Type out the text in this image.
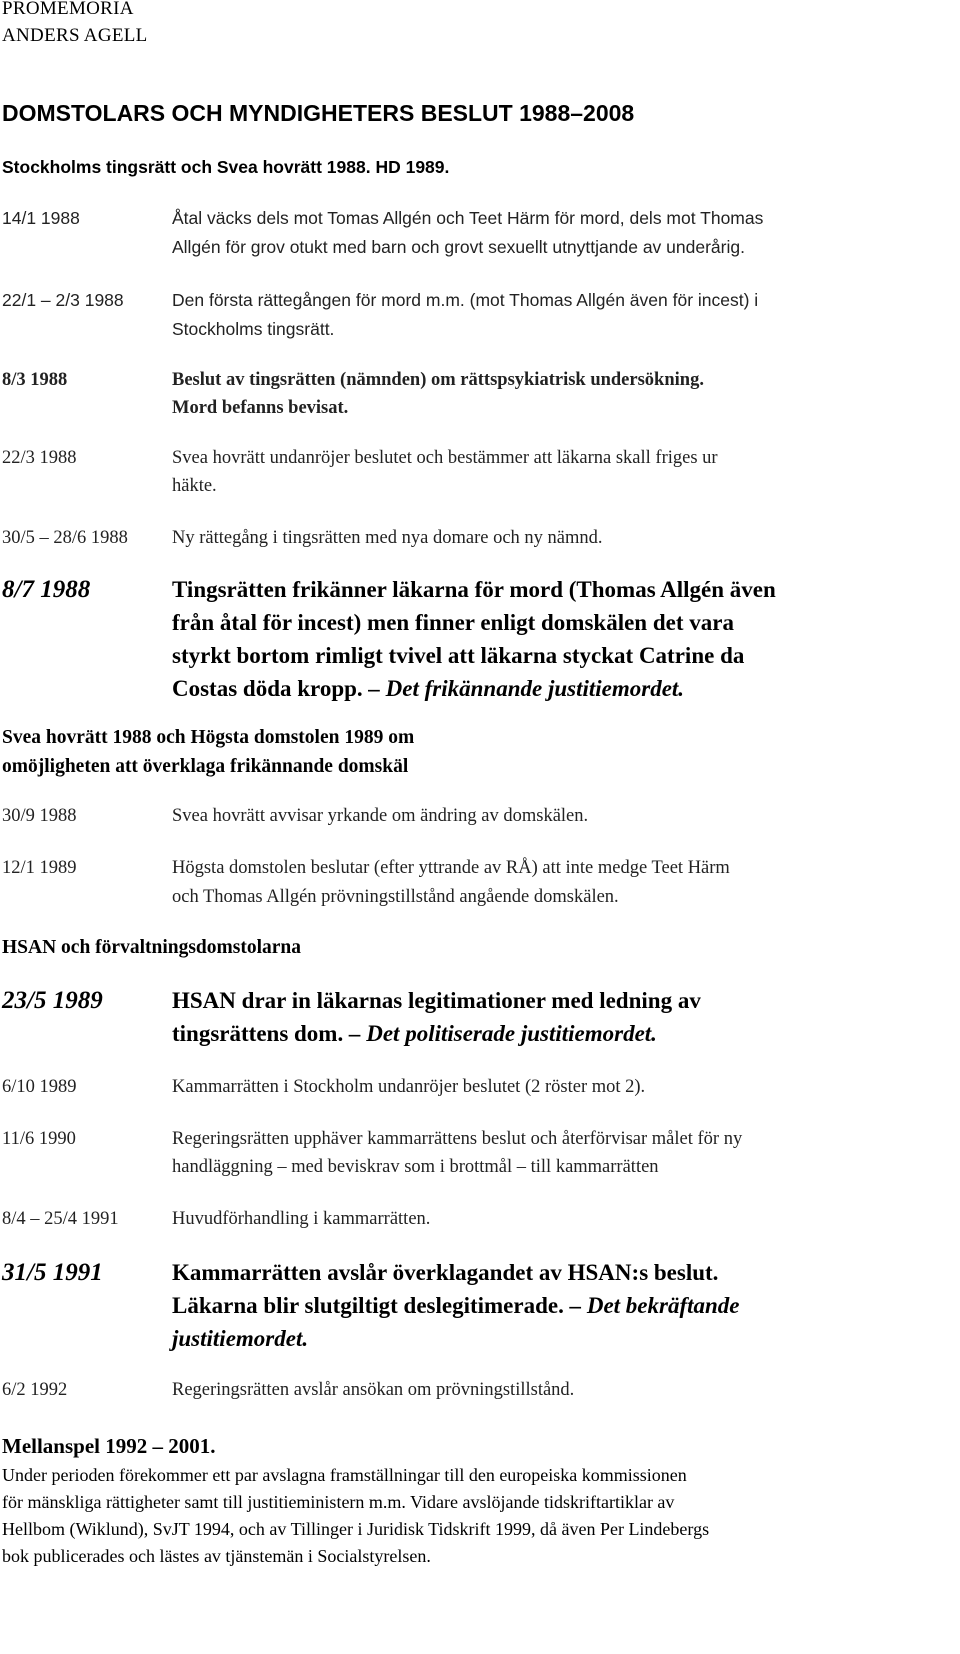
PROMEMORIA
ANDERS AGELL
DOMSTOLARS OCH MYNDIGHETERS BESLUT 1988–2008
Stockholms tingsrätt och Svea hovrätt 1988. HD 1989.
14/1 1988	Åtal väcks dels mot Tomas Allgén och Teet Härm för mord, dels mot Thomas
Allgén för grov otukt med barn och grovt sexuellt utnyttjande av underårig.
22/1 – 2/3 1988	Den första rättegången för mord m.m. (mot Thomas Allgén även för incest) i
Stockholms tingsrätt.
8/3 1988	Beslut av tingsrätten (nämnden) om rättspsykiatrisk undersökning.
Mord befanns bevisat.
22/3 1988	Svea hovrätt undanröjer beslutet och bestämmer att läkarna skall friges ur
häkte.
30/5 – 28/6 1988 Ny rättegång i tingsrätten med nya domare och ny nämnd.
8/7 1988	Tingsrätten frikänner läkarna för mord (Thomas Allgén även
från åtal för incest) men finner enligt domskälen det vara
styrkt bortom rimligt tvivel att läkarna styckat Catrine da
Costas döda kropp. – Det frikännande justitiemordet.
Svea hovrätt 1988 och Högsta domstolen 1989 om
omöjligheten att överklaga frikännande domskäl
30/9 1988	Svea hovrätt avvisar yrkande om ändring av domskälen.
12/1 1989	Högsta domstolen beslutar (efter yttrande av RÅ) att inte medge Teet Härm
och Thomas Allgén prövningstillstånd angående domskälen.
HSAN och förvaltningsdomstolarna
23/5 1989	HSAN drar in läkarnas legitimationer med ledning av
tingsrättens dom. – Det politiserade justitiemordet.
6/10 1989	Kammarrätten i Stockholm undanröjer beslutet (2 röster mot 2).
11/6 1990	Regeringsrätten upphäver kammarrättens beslut och återförvisar målet för ny
handläggning – med beviskrav som i brottmål – till kammarrätten
8/4 – 25/4 1991	Huvudförhandling i kammarrätten.
31/5 1991	Kammarrätten avslår överklagandet av HSAN:s beslut.
Läkarna blir slutgiltigt deslegitimerade. – Det bekräftande
justitiemordet.
6/2 1992	Regeringsrätten avslår ansökan om prövningstillstånd.
Mellanspel 1992 – 2001.
Under perioden förekommer ett par avslagna framställningar till den europeiska kommissionen
för mänskliga rättigheter samt till justitieministern m.m. Vidare avslöjande tidskriftartiklar av
Hellbom (Wiklund), SvJT 1994, och av Tillinger i Juridisk Tidskrift 1999, då även Per Lindebergs
bok publicerades och lästes av tjänstemän i Socialstyrelsen.
